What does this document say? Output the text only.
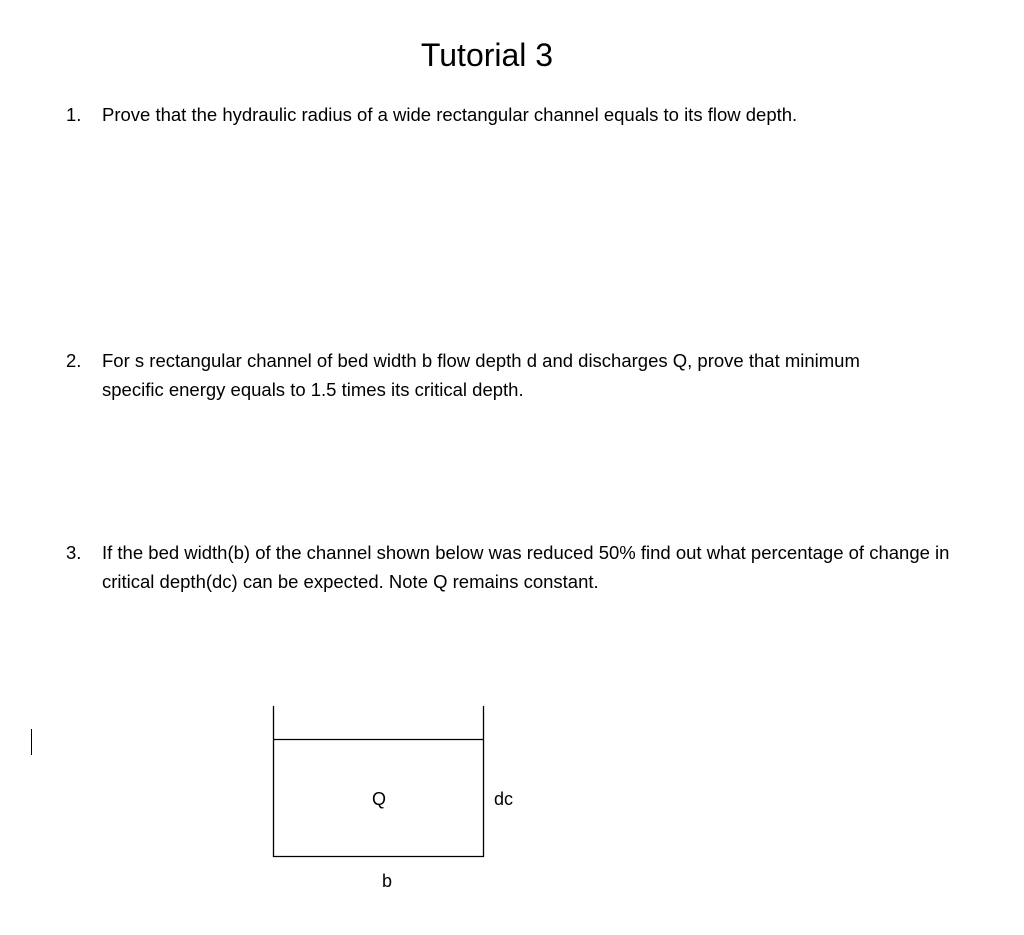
Tutorial 3
1.	Prove that the hydraulic radius of a wide rectangular channel equals to its flow depth.
2.	For s rectangular channel of bed width b flow depth d and discharges Q, prove that minimum specific energy equals to 1.5 times its critical depth.
3.	If the bed width(b) of the channel shown below was reduced 50% find out what percentage of change in critical depth(dc) can be expected. Note Q remains constant.
Q	dc
b
